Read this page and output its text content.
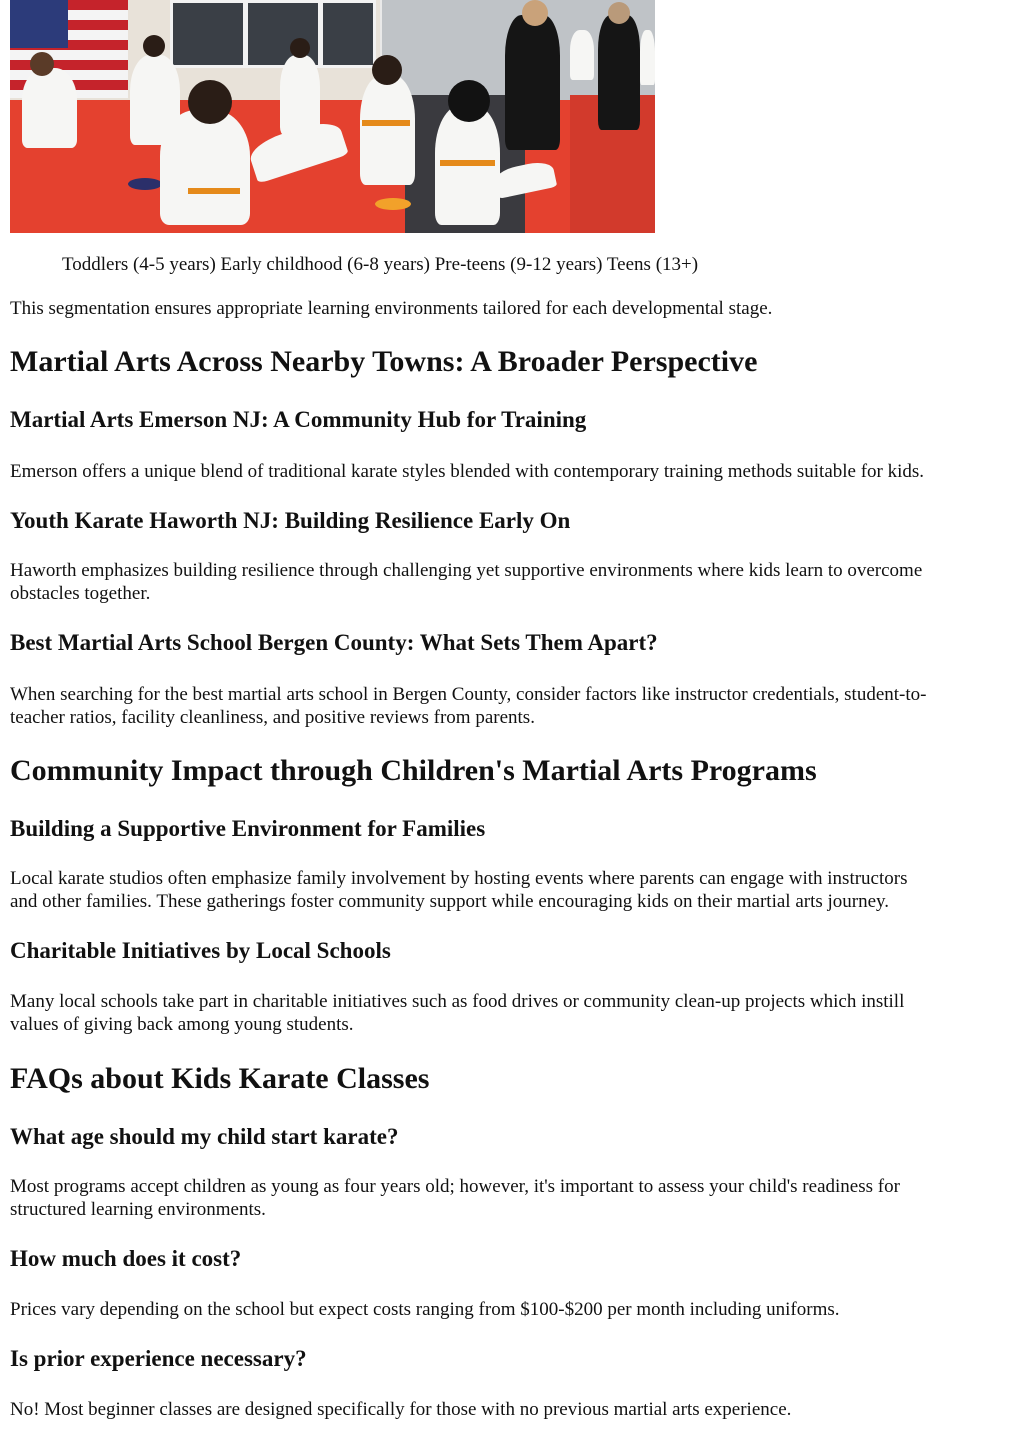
Toddlers (4-5 years) Early childhood (6-8 years) Pre-teens (9-12 years) Teens (13+)

This segmentation ensures appropriate learning environments tailored for each developmental stage.

Martial Arts Across Nearby Towns: A Broader Perspective
Martial Arts Emerson NJ: A Community Hub for Training

Emerson offers a unique blend of traditional karate styles blended with contemporary training methods suitable for kids.

Youth Karate Haworth NJ: Building Resilience Early On

Haworth emphasizes building resilience through challenging yet supportive environments where kids learn to overcome

obstacles together.

Best Martial Arts School Bergen County: What Sets Them Apart?

When searching for the best martial arts school in Bergen County, consider factors like instructor credentials, student-to-

teacher ratios, facility cleanliness, and positive reviews from parents.

Community Impact through Children's Martial Arts Programs
Building a Supportive Environment for Families

Local karate studios often emphasize family involvement by hosting events where parents can engage with instructors

and other families. These gatherings foster community support while encouraging kids on their martial arts journey.

Charitable Initiatives by Local Schools

Many local schools take part in charitable initiatives such as food drives or community clean-up projects which instill

values of giving back among young students.

FAQs about Kids Karate Classes
What age should my child start karate?

Most programs accept children as young as four years old; however, it's important to assess your child's readiness for

structured learning environments.

How much does it cost?

Prices vary depending on the school but expect costs ranging from $100-$200 per month including uniforms.

Is prior experience necessary?

No! Most beginner classes are designed specifically for those with no previous martial arts experience.
